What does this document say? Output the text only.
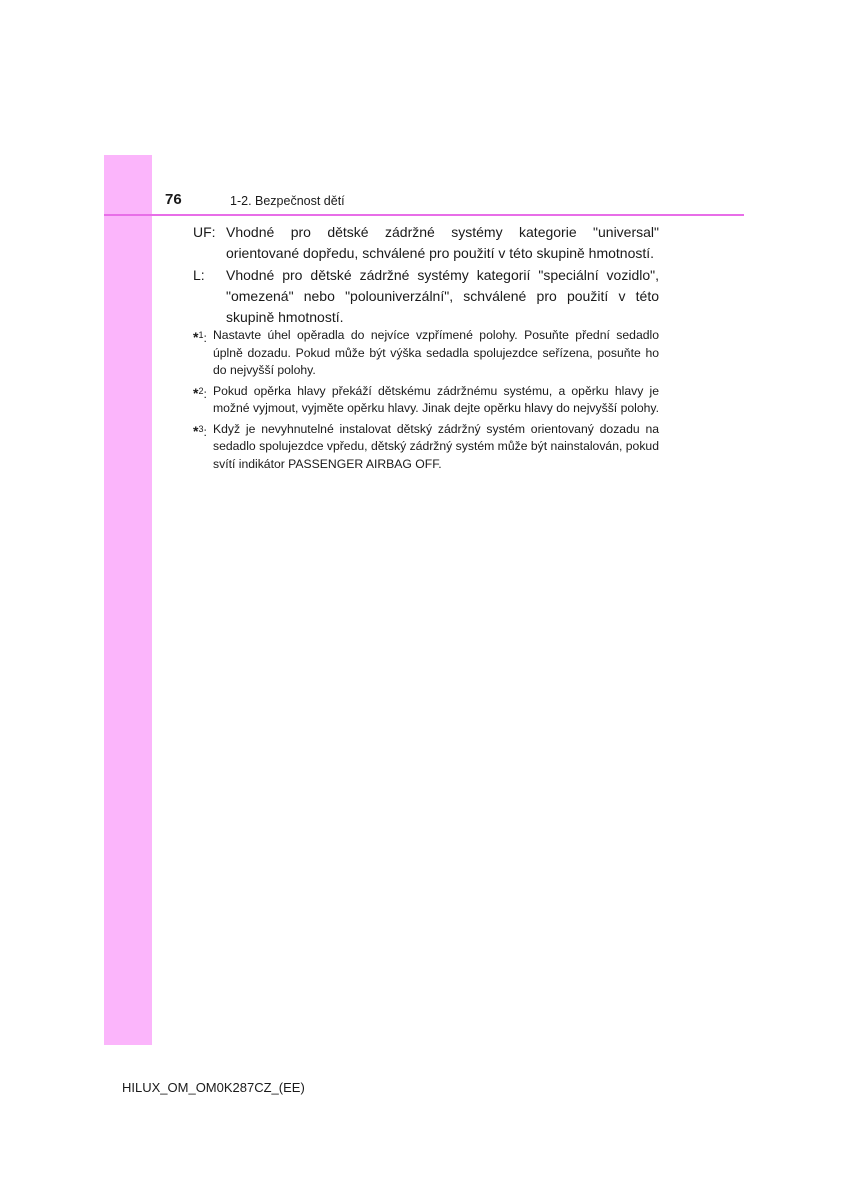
76	1-2. Bezpečnost dětí
UF: Vhodné pro dětské zádržné systémy kategorie "universal" orientované dopředu, schválené pro použití v této skupině hmotností.
L:	Vhodné pro dětské zádržné systémy kategorií "speciální vozidlo", "omezená" nebo "polouniverzální", schválené pro použití v této skupině hmotností.
*$^1$: Nastavte úhel opěradla do nejvíce vzpřímené polohy. Posuňte přední sedadlo úplně dozadu. Pokud může být výška sedadla spolujezdce seřízena, posuňte ho do nejvyšší polohy.
*$^2$: Pokud opěrka hlavy překáží dětskému zádržnému systému, a opěrku hlavy je možné vyjmout, vyjměte opěrku hlavy. Jinak dejte opěrku hlavy do nejvyšší polohy.
*$^3$: Když je nevyhnutelné instalovat dětský zádržný systém orientovaný dozadu na sedadlo spolujezdce vpředu, dětský zádržný systém může být nainstalován, pokud svítí indikátor PASSENGER AIRBAG OFF.
HILUX_OM_OM0K287CZ_(EE)
